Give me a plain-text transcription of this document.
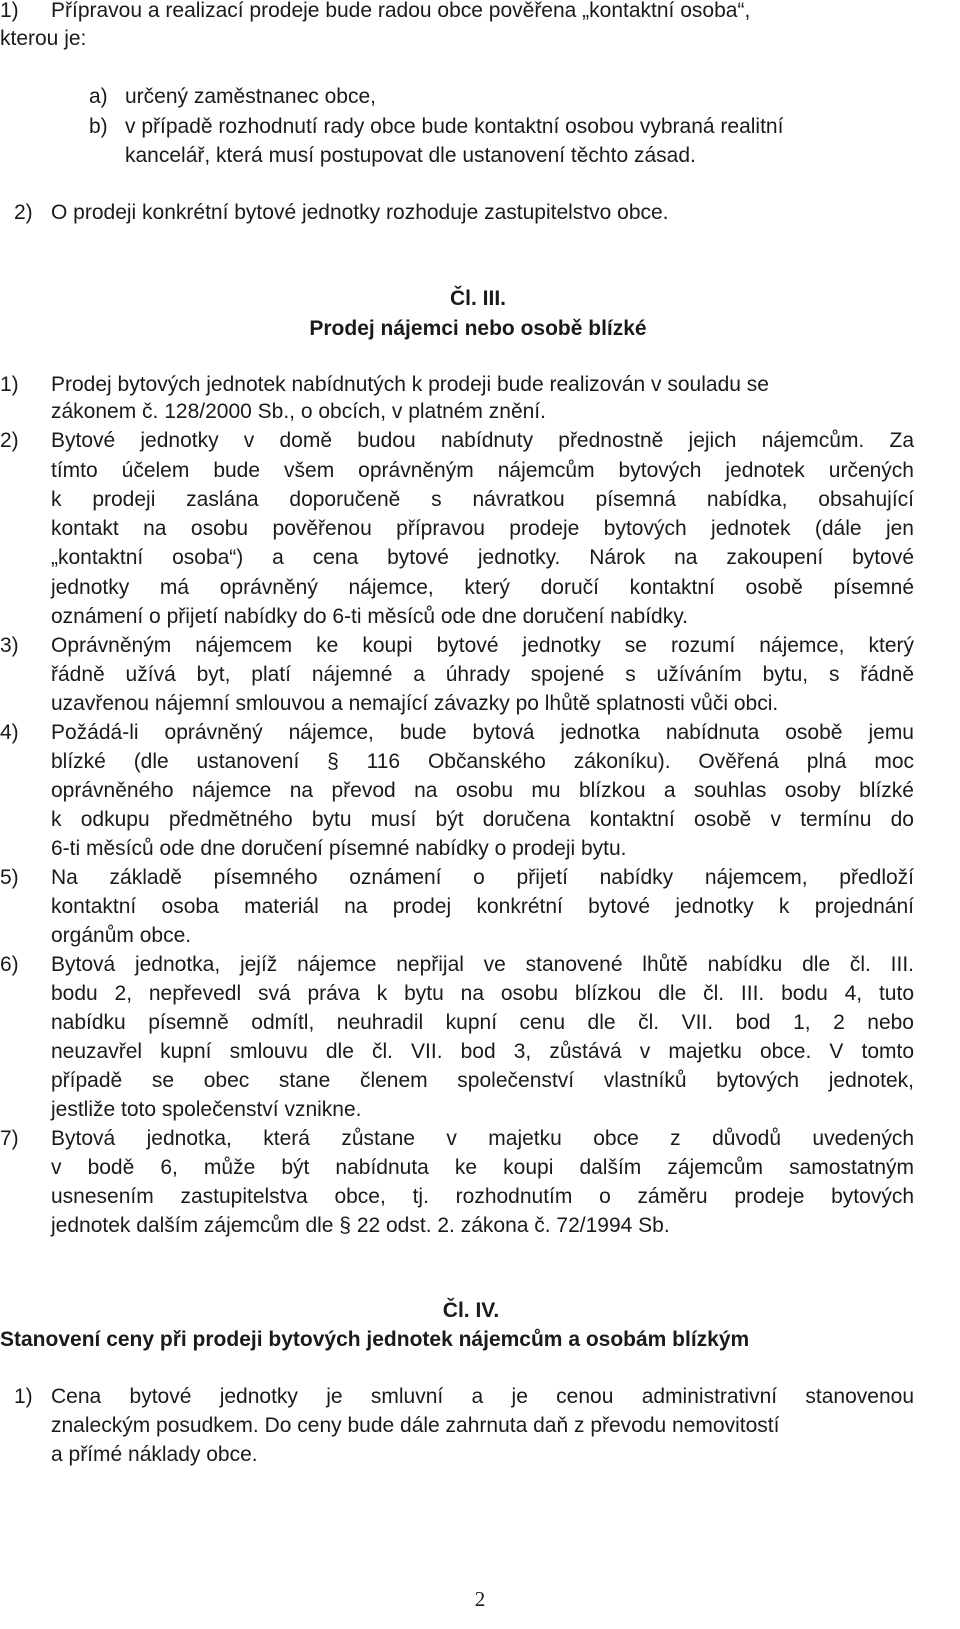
1) Přípravou a realizací prodeje bude radou obce pověřena „kontaktní osoba“,
kterou je:
a) určený zaměstnanec obce,
b) v případě rozhodnutí rady obce bude kontaktní osobou vybraná realitní
kancelář, která musí postupovat dle ustanovení těchto zásad.
2) O prodeji konkrétní bytové jednotky rozhoduje zastupitelstvo obce.
Čl. III.
Prodej nájemci nebo osobě blízké
1) Prodej bytových jednotek nabídnutých k prodeji bude realizován v souladu se
zákonem č. 128/2000 Sb., o obcích, v platném znění.
2) Bytové jednotky v domě budou nabídnuty přednostně jejich nájemcům. Za
tímto účelem bude všem oprávněným nájemcům bytových jednotek určených
k prodeji zaslána doporučeně s návratkou písemná nabídka, obsahující
kontakt na osobu pověřenou přípravou prodeje bytových jednotek (dále jen
„kontaktní osoba“) a cena bytové jednotky. Nárok na zakoupení bytové
jednotky má oprávněný nájemce, který doručí kontaktní osobě písemné
oznámení o přijetí nabídky do 6-ti měsíců ode dne doručení nabídky.
3) Oprávněným nájemcem ke koupi bytové jednotky se rozumí nájemce, který
řádně užívá byt, platí nájemné a úhrady spojené s užíváním bytu, s řádně
uzavřenou nájemní smlouvou a nemající závazky po lhůtě splatnosti vůči obci.
4) Požádá-li oprávněný nájemce, bude bytová jednotka nabídnuta osobě jemu
blízké (dle ustanovení § 116 Občanského zákoníku). Ověřená plná moc
oprávněného nájemce na převod na osobu mu blízkou a souhlas osoby blízké
k odkupu předmětného bytu musí být doručena kontaktní osobě v termínu do
6-ti měsíců ode dne doručení písemné nabídky o prodeji bytu.
5) Na základě písemného oznámení o přijetí nabídky nájemcem, předloží
kontaktní osoba materiál na prodej konkrétní bytové jednotky k projednání
orgánům obce.
6) Bytová jednotka, jejíž nájemce nepřijal ve stanovené lhůtě nabídku dle čl. III.
bodu 2, nepřevedl svá práva k bytu na osobu blízkou dle čl. III. bodu 4, tuto
nabídku písemně odmítl, neuhradil kupní cenu dle čl. VII. bod 1, 2 nebo
neuzavřel kupní smlouvu dle čl. VII. bod 3, zůstává v majetku obce. V tomto
případě se obec stane členem společenství vlastníků bytových jednotek,
jestliže toto společenství vznikne.
7) Bytová jednotka, která zůstane v majetku obce z důvodů uvedených
v bodě 6, může být nabídnuta ke koupi dalším zájemcům samostatným
usnesením zastupitelstva obce, tj. rozhodnutím o záměru prodeje bytových
jednotek dalším zájemcům dle § 22 odst. 2. zákona č. 72/1994 Sb.
Čl. IV.
Stanovení ceny při prodeji bytových jednotek nájemcům a osobám blízkým
1) Cena bytové jednotky je smluvní a je cenou administrativní stanovenou
znaleckým posudkem. Do ceny bude dále zahrnuta daň z převodu nemovitostí
a přímé náklady obce.
2
